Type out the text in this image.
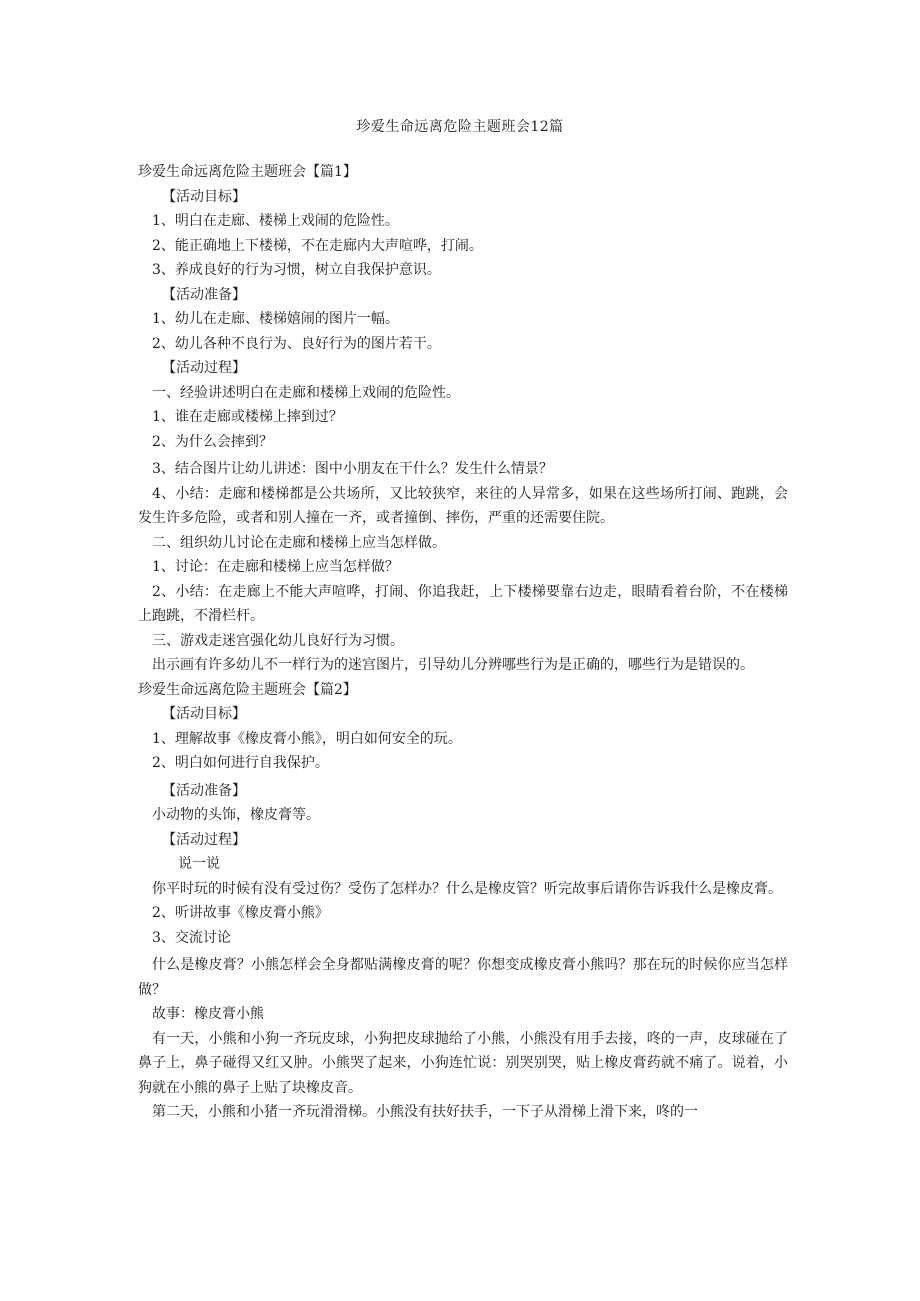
珍爱生命远离危险主题班会12篇
珍爱生命远离危险主题班会【篇1】
【活动目标】
1、明白在走廊、楼梯上戏闹的危险性。
2、能正确地上下楼梯，不在走廊内大声喧哗，打闹。
3、养成良好的行为习惯，树立自我保护意识。
【活动准备】
1、幼儿在走廊、楼梯嬉闹的图片一幅。
2、幼儿各种不良行为、良好行为的图片若干。
【活动过程】
一、经验讲述明白在走廊和楼梯上戏闹的危险性。
1、谁在走廊或楼梯上摔到过？
2、为什么会摔到？
3、结合图片让幼儿讲述：图中小朋友在干什么？发生什么情景？
4、小结：走廊和楼梯都是公共场所，又比较狭窄，来往的人异常多，如果在这些场所打闹、跑跳，会发生许多危险，或者和别人撞在一齐，或者撞倒、摔伤，严重的还需要住院。
二、组织幼儿讨论在走廊和楼梯上应当怎样做。
1、讨论：在走廊和楼梯上应当怎样做？
2、小结：在走廊上不能大声喧哗，打闹、你追我赶，上下楼梯要靠右边走，眼睛看着台阶，不在楼梯上跑跳，不滑栏杆。
三、游戏走迷宫强化幼儿良好行为习惯。
出示画有许多幼儿不一样行为的迷宫图片，引导幼儿分辨哪些行为是正确的，哪些行为是错误的。
珍爱生命远离危险主题班会【篇2】
【活动目标】
1、理解故事《橡皮膏小熊》，明白如何安全的玩。
2、明白如何进行自我保护。
【活动准备】
小动物的头饰，橡皮膏等。
【活动过程】
说一说
你平时玩的时候有没有受过伤？受伤了怎样办？什么是橡皮管？听完故事后请你告诉我什么是橡皮膏。
2、听讲故事《橡皮膏小熊》
3、交流讨论
什么是橡皮膏？小熊怎样会全身都贴满橡皮膏的呢？你想变成橡皮膏小熊吗？那在玩的时候你应当怎样做？
故事：橡皮膏小熊
有一天，小熊和小狗一齐玩皮球，小狗把皮球抛给了小熊，小熊没有用手去接，咚的一声，皮球碰在了鼻子上，鼻子碰得又红又肿。小熊哭了起来，小狗连忙说：别哭别哭，贴上橡皮膏药就不痛了。说着，小狗就在小熊的鼻子上贴了块橡皮音。
第二天，小熊和小猪一齐玩滑滑梯。小熊没有扶好扶手，一下子从滑梯上滑下来，咚的一
